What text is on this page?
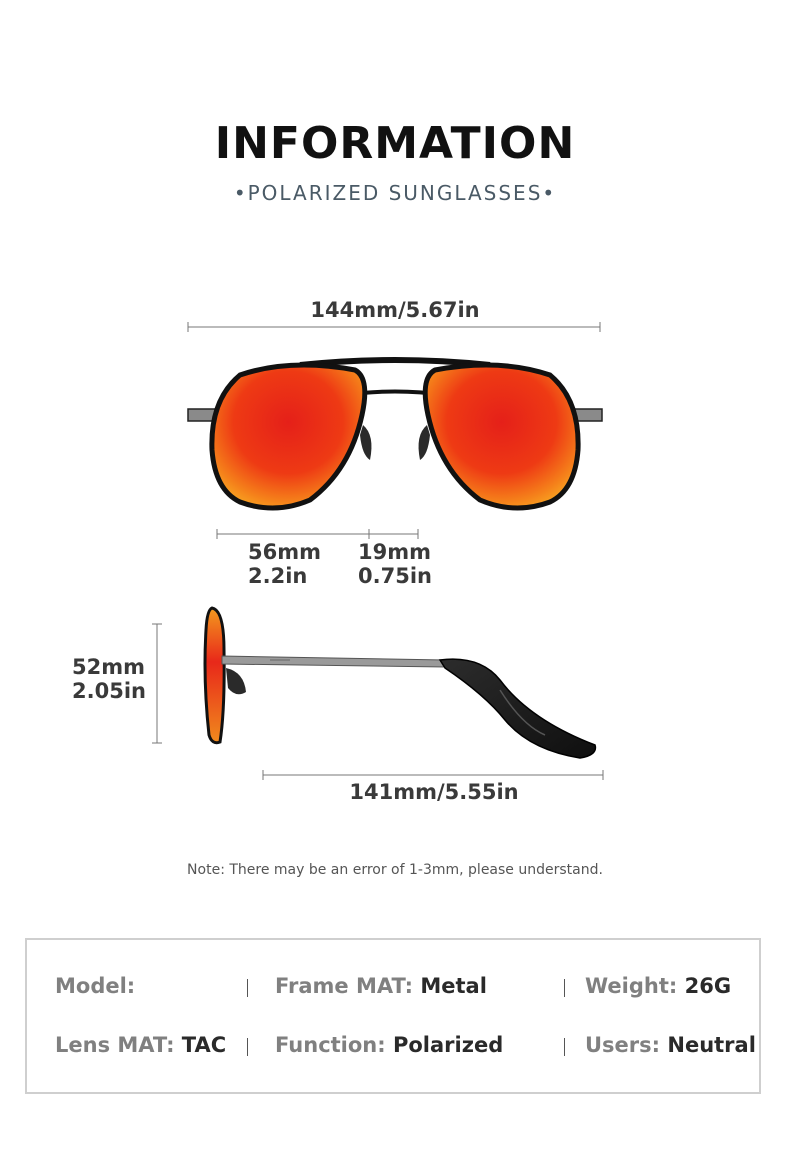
INFORMATION
•POLARIZED SUNGLASSES•
144mm/5.67in
56mm
2.2in
19mm
0.75in
52mm
2.05in
141mm/5.55in
Note: There may be an error of 1-3mm, please understand.
Model:	Frame MAT: Metal	Weight: 26G
Lens MAT: TAC Function: Polarized	Users: Neutral
